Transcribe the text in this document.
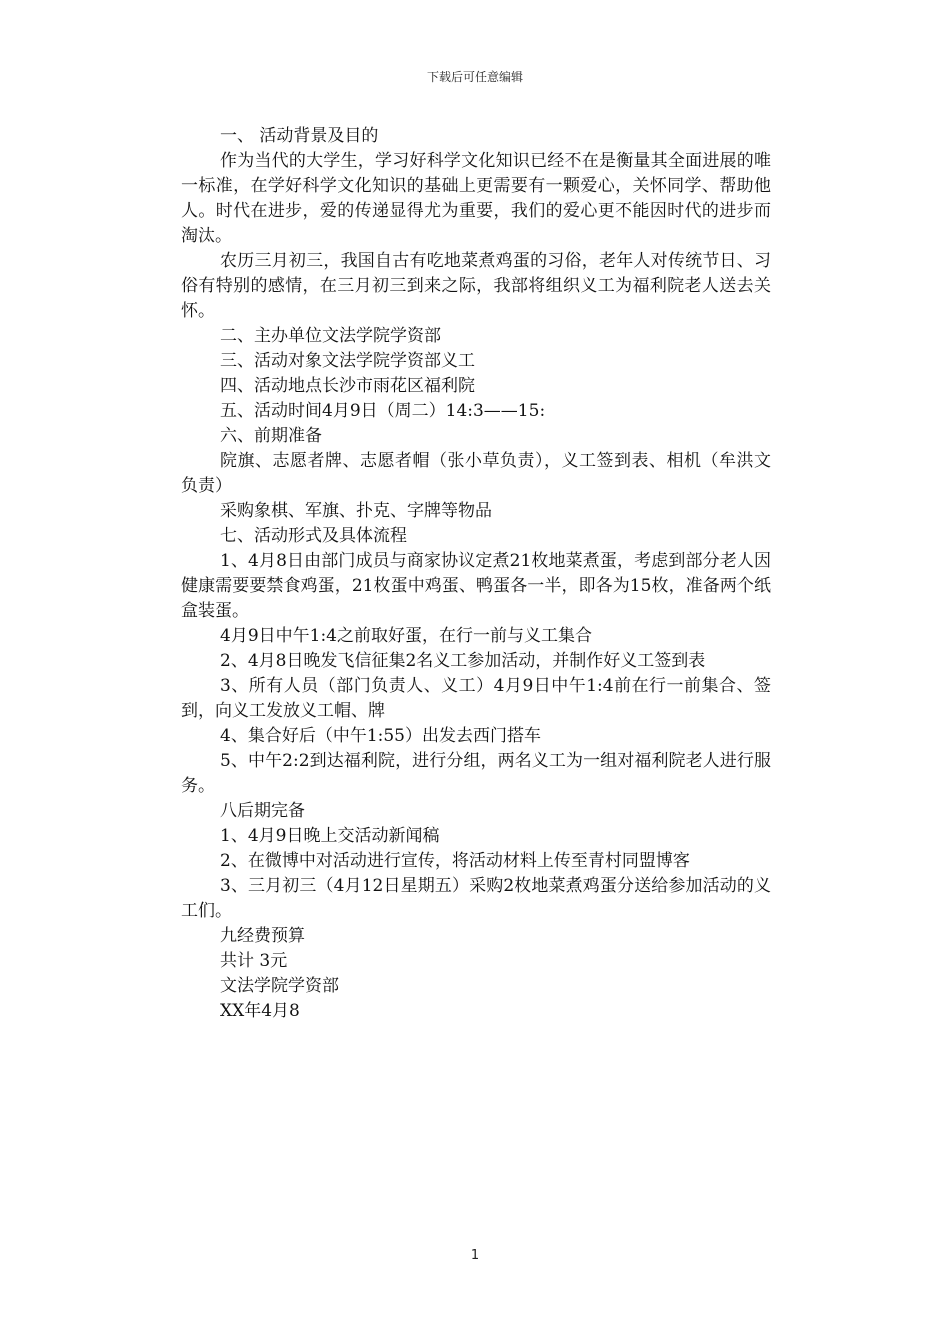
下载后可任意编辑

一、 活动背景及目的

作为当代的大学生，学习好科学文化知识已经不在是衡量其全面进展的唯一标准，在学好科学文化知识的基础上更需要有一颗爱心，关怀同学、帮助他人。时代在进步，爱的传递显得尤为重要，我们的爱心更不能因时代的进步而淘汰。

农历三月初三，我国自古有吃地菜煮鸡蛋的习俗，老年人对传统节日、习俗有特别的感情，在三月初三到来之际，我部将组织义工为福利院老人送去关怀。

二、主办单位文法学院学资部

三、活动对象文法学院学资部义工

四、活动地点长沙市雨花区福利院

五、活动时间4月9日（周二）14:3——15:

六、前期准备

院旗、志愿者牌、志愿者帽（张小草负责），义工签到表、相机（牟洪文负责）

采购象棋、军旗、扑克、字牌等物品

七、活动形式及具体流程

1、4月8日由部门成员与商家协议定煮21枚地菜煮蛋，考虑到部分老人因健康需要要禁食鸡蛋，21枚蛋中鸡蛋、鸭蛋各一半，即各为15枚，准备两个纸盒装蛋。

4月9日中午1:4之前取好蛋，在行一前与义工集合

2、4月8日晚发飞信征集2名义工参加活动，并制作好义工签到表

3、所有人员（部门负责人、义工）4月9日中午1:4前在行一前集合、签到，向义工发放义工帽、牌

4、集合好后（中午1:55）出发去西门搭车

5、中午2:2到达福利院，进行分组，两名义工为一组对福利院老人进行服务。

八后期完备

1、4月9日晚上交活动新闻稿

2、在微博中对活动进行宣传，将活动材料上传至青村同盟博客

3、三月初三（4月12日星期五）采购2枚地菜煮鸡蛋分送给参加活动的义工们。

九经费预算

共计 3元

文法学院学资部

XX年4月8

1
